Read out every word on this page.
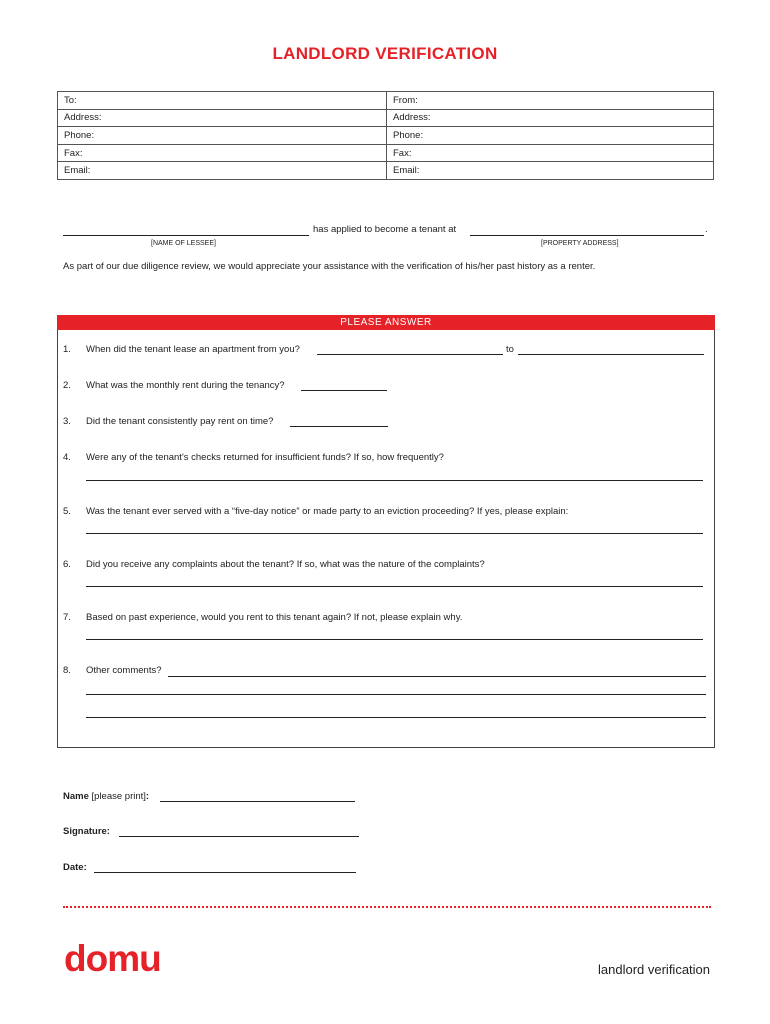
LANDLORD VERIFICATION
To:	From:
Address:	Address:
Phone:	Phone:
Fax:	Fax:
Email:	Email:
has applied to become a tenant at	.
[NAME OF LESSEE]	[PROPERTY ADDRESS]
As part of our due diligence review, we would appreciate your assistance with the verification of his/her past history as a renter.
PLEASE ANSWER
1. When did the tenant lease an apartment from you?	to
2. What was the monthly rent during the tenancy?
3. Did the tenant consistently pay rent on time?
4. Were any of the tenant's checks returned for insufficient funds? If so, how frequently?
5. Was the tenant ever served with a “five-day notice” or made party to an eviction proceeding? If yes, please explain:
6. Did you receive any complaints about the tenant? If so, what was the nature of the complaints?
7. Based on past experience, would you rent to this tenant again? If not, please explain why.
8. Other comments?
Name [please print]:
Signature:
Date:
domu	landlord verification
